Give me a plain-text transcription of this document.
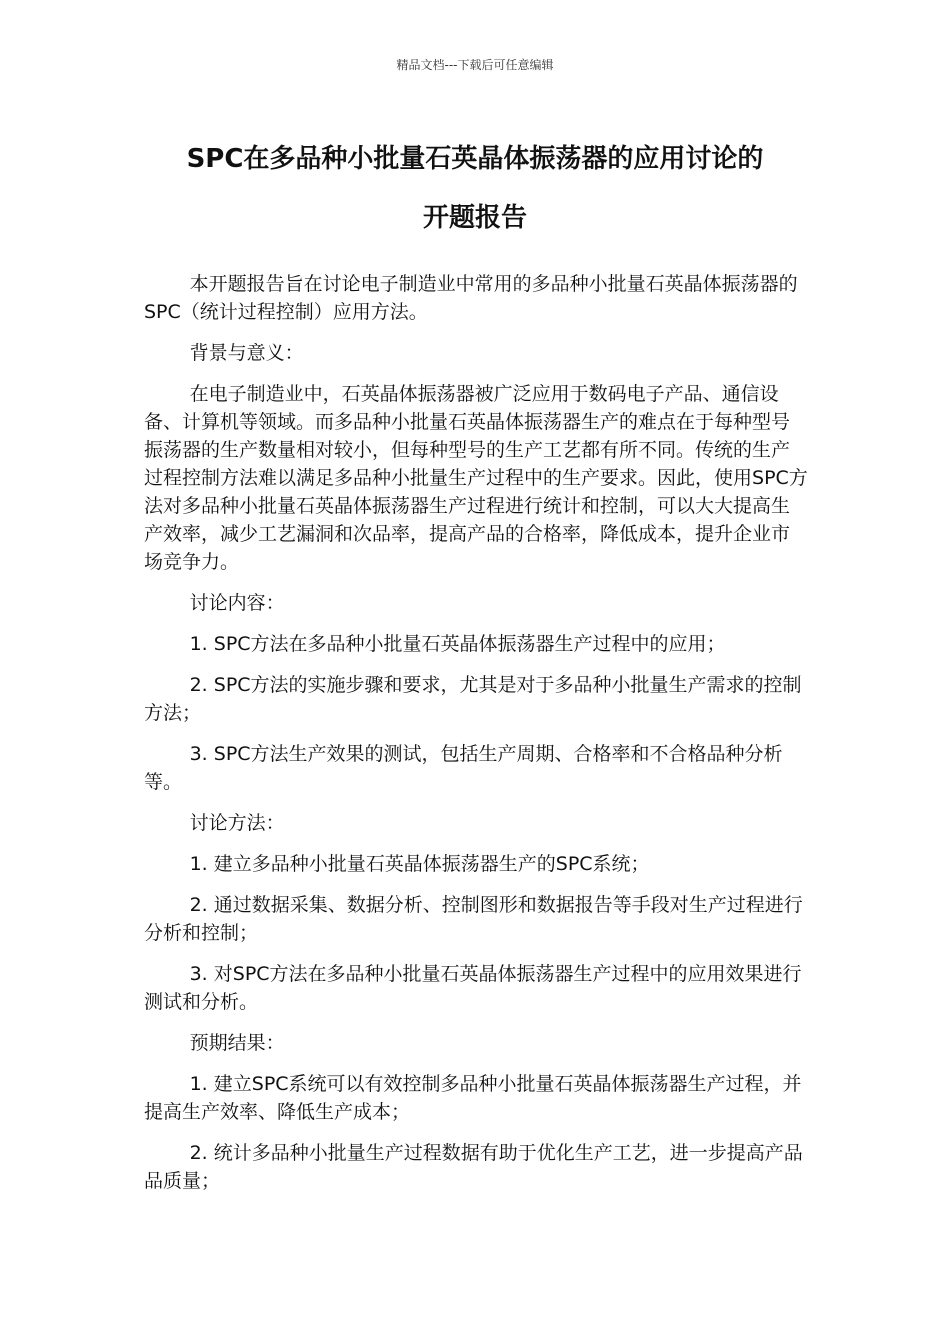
精品文档---下载后可任意编辑
SPC在多品种小批量石英晶体振荡器的应用讨论的
开题报告

本开题报告旨在讨论电子制造业中常用的多品种小批量石英晶体振荡器的SPC（统计过程控制）应用方法。

背景与意义：

在电子制造业中，石英晶体振荡器被广泛应用于数码电子产品、通信设备、计算机等领域。而多品种小批量石英晶体振荡器生产的难点在于每种型号振荡器的生产数量相对较小，但每种型号的生产工艺都有所不同。传统的生产过程控制方法难以满足多品种小批量生产过程中的生产要求。因此，使用SPC方法对多品种小批量石英晶体振荡器生产过程进行统计和控制，可以大大提高生产效率，减少工艺漏洞和次品率，提高产品的合格率，降低成本，提升企业市场竞争力。

讨论内容：

1. SPC方法在多品种小批量石英晶体振荡器生产过程中的应用；

2. SPC方法的实施步骤和要求，尤其是对于多品种小批量生产需求的控制方法；

3. SPC方法生产效果的测试，包括生产周期、合格率和不合格品种分析等。

讨论方法：

1. 建立多品种小批量石英晶体振荡器生产的SPC系统；

2. 通过数据采集、数据分析、控制图形和数据报告等手段对生产过程进行分析和控制；

3. 对SPC方法在多品种小批量石英晶体振荡器生产过程中的应用效果进行测试和分析。

预期结果：

1. 建立SPC系统可以有效控制多品种小批量石英晶体振荡器生产过程，并提高生产效率、降低生产成本；

2. 统计多品种小批量生产过程数据有助于优化生产工艺，进一步提高产品品质量；
